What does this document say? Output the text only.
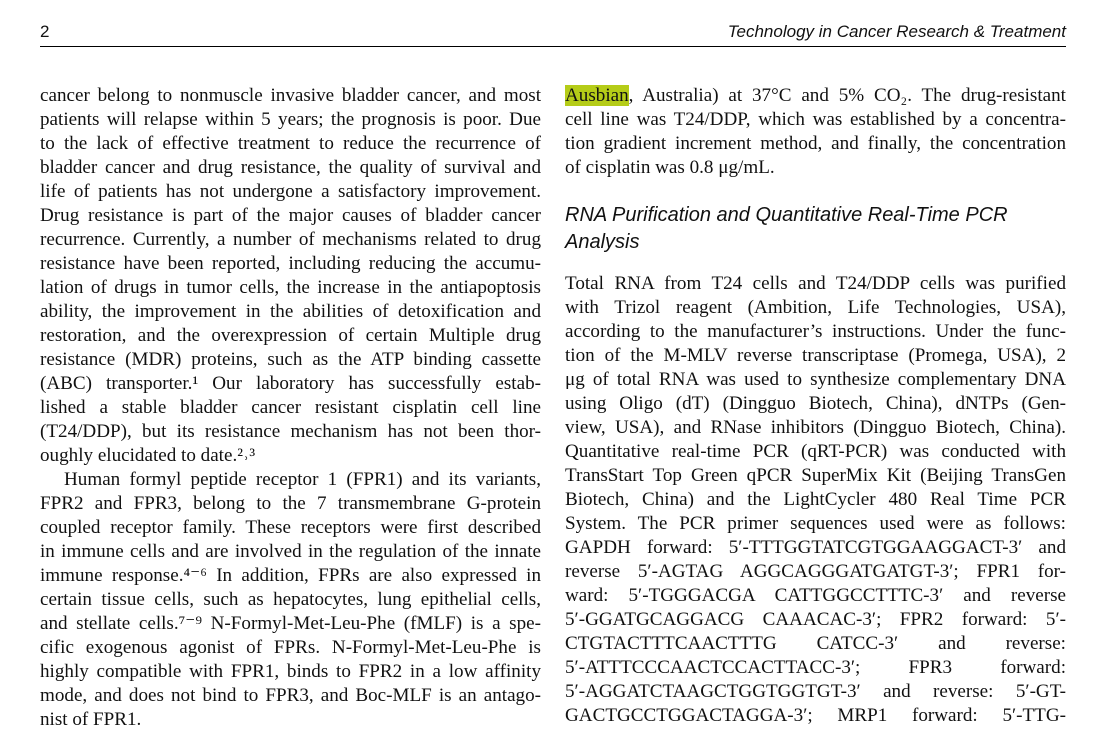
2	Technology in Cancer Research & Treatment
cancer belong to nonmuscle invasive bladder cancer, and most
patients will relapse within 5 years; the prognosis is poor. Due
to the lack of effective treatment to reduce the recurrence of
bladder cancer and drug resistance, the quality of survival and
life of patients has not undergone a satisfactory improvement.
Drug resistance is part of the major causes of bladder cancer
recurrence. Currently, a number of mechanisms related to drug
resistance have been reported, including reducing the accumu-
lation of drugs in tumor cells, the increase in the antiapoptosis
ability, the improvement in the abilities of detoxification and
restoration, and the overexpression of certain Multiple drug
resistance (MDR) proteins, such as the ATP binding cassette
(ABC) transporter.¹ Our laboratory has successfully estab-
lished a stable bladder cancer resistant cisplatin cell line
(T24/DDP), but its resistance mechanism has not been thor-
oughly elucidated to date.²˒³
Human formyl peptide receptor 1 (FPR1) and its variants,
FPR2 and FPR3, belong to the 7 transmembrane G-protein
coupled receptor family. These receptors were first described
in immune cells and are involved in the regulation of the innate
immune response.⁴⁻⁶ In addition, FPRs are also expressed in
certain tissue cells, such as hepatocytes, lung epithelial cells,
and stellate cells.⁷⁻⁹ N-Formyl-Met-Leu-Phe (fMLF) is a spe-
cific exogenous agonist of FPRs. N-Formyl-Met-Leu-Phe is
highly compatible with FPR1, binds to FPR2 in a low affinity
mode, and does not bind to FPR3, and Boc-MLF is an antago-
nist of FPR1.
Ausbian, Australia) at 37°C and 5% CO₂. The drug-resistant
cell line was T24/DDP, which was established by a concentra-
tion gradient increment method, and finally, the concentration
of cisplatin was 0.8 μg/mL.
RNA Purification and Quantitative Real-Time PCR
Analysis
Total RNA from T24 cells and T24/DDP cells was purified
with Trizol reagent (Ambition, Life Technologies, USA),
according to the manufacturer’s instructions. Under the func-
tion of the M-MLV reverse transcriptase (Promega, USA), 2
μg of total RNA was used to synthesize complementary DNA
using Oligo (dT) (Dingguo Biotech, China), dNTPs (Gen-
view, USA), and RNase inhibitors (Dingguo Biotech, China).
Quantitative real-time PCR (qRT-PCR) was conducted with
TransStart Top Green qPCR SuperMix Kit (Beijing TransGen
Biotech, China) and the LightCycler 480 Real Time PCR
System. The PCR primer sequences used were as follows:
GAPDH forward: 5′-TTTGGTATCGTGGAAGGACT-3′ and
reverse 5′-AGTAG AGGCAGGGATGATGT-3′; FPR1 for-
ward: 5′-TGGGACGA CATTGGCCTTTC-3′ and reverse
5′-GGATGCAGGACG CAAACAC-3′; FPR2 forward: 5′-
CTGTACTTTCAACTTTG CATCC-3′ and reverse:
5′-ATTTCCCAACTCCACTTACC-3′; FPR3 forward:
5′-AGGATCTAAGCTGGTGGTGT-3′ and reverse: 5′-GT-
GACTGCCTGGACTAGGA-3′; MRP1 forward: 5′-TTG-
